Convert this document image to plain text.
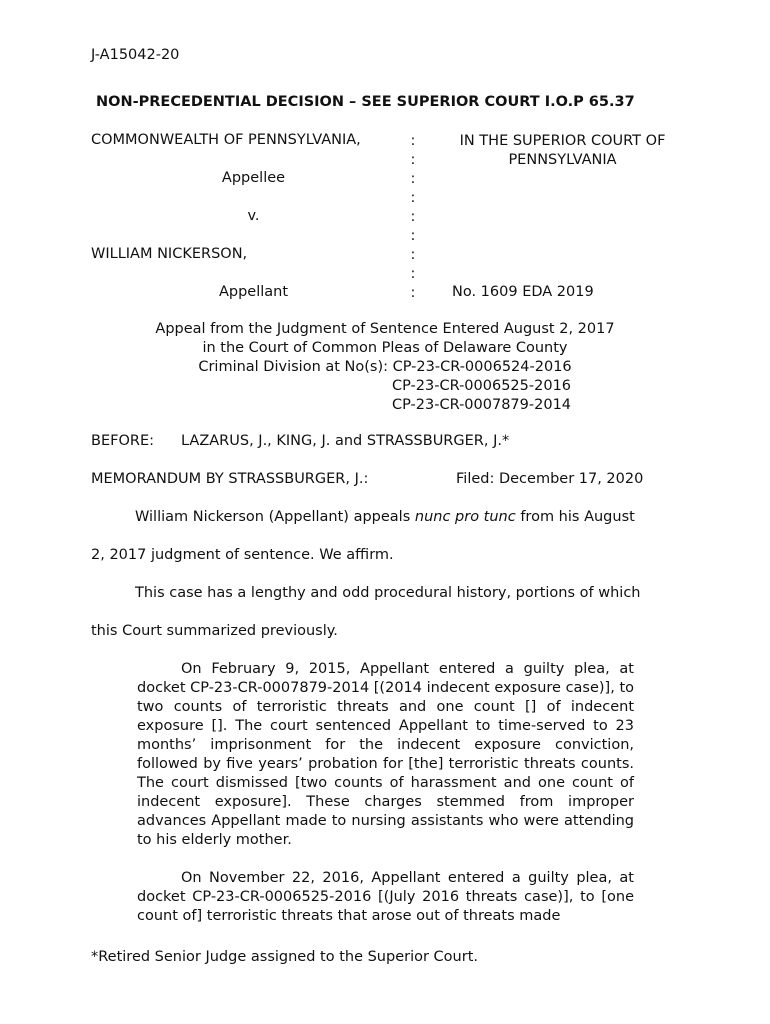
J-A15042-20
NON-PRECEDENTIAL DECISION – SEE SUPERIOR COURT I.O.P 65.37
COMMONWEALTH OF PENNSYLVANIA,
Appellee
v.
WILLIAM NICKERSON,
Appellant
:
:
:
:
:
:
:
:
:
IN THE SUPERIOR COURT OF PENNSYLVANIA
No. 1609 EDA 2019
Appeal from the Judgment of Sentence Entered August 2, 2017
in the Court of Common Pleas of Delaware County
Criminal Division at No(s): CP-23-CR-0006524-2016
CP-23-CR-0006525-2016
CP-23-CR-0007879-2014
BEFORE: LAZARUS, J., KING, J. and STRASSBURGER, J.*
MEMORANDUM BY STRASSBURGER, J.:	Filed: December 17, 2020
William Nickerson (Appellant) appeals nunc pro tunc from his August
2, 2017 judgment of sentence. We affirm.
This case has a lengthy and odd procedural history, portions of which
this Court summarized previously.
On February 9, 2015, Appellant entered a guilty plea, at docket CP-23-CR-0007879-2014 [(2014 indecent exposure case)], to two counts of terroristic threats and one count [] of indecent exposure []. The court sentenced Appellant to time-served to 23 months’ imprisonment for the indecent exposure conviction, followed by five years’ probation for [the] terroristic threats counts. The court dismissed [two counts of harassment and one count of indecent exposure]. These charges stemmed from improper advances Appellant made to nursing assistants who were attending to his elderly mother.
On November 22, 2016, Appellant entered a guilty plea, at docket CP-23-CR-0006525-2016 [(July 2016 threats case)], to [one count of] terroristic threats that arose out of threats made
*Retired Senior Judge assigned to the Superior Court.
